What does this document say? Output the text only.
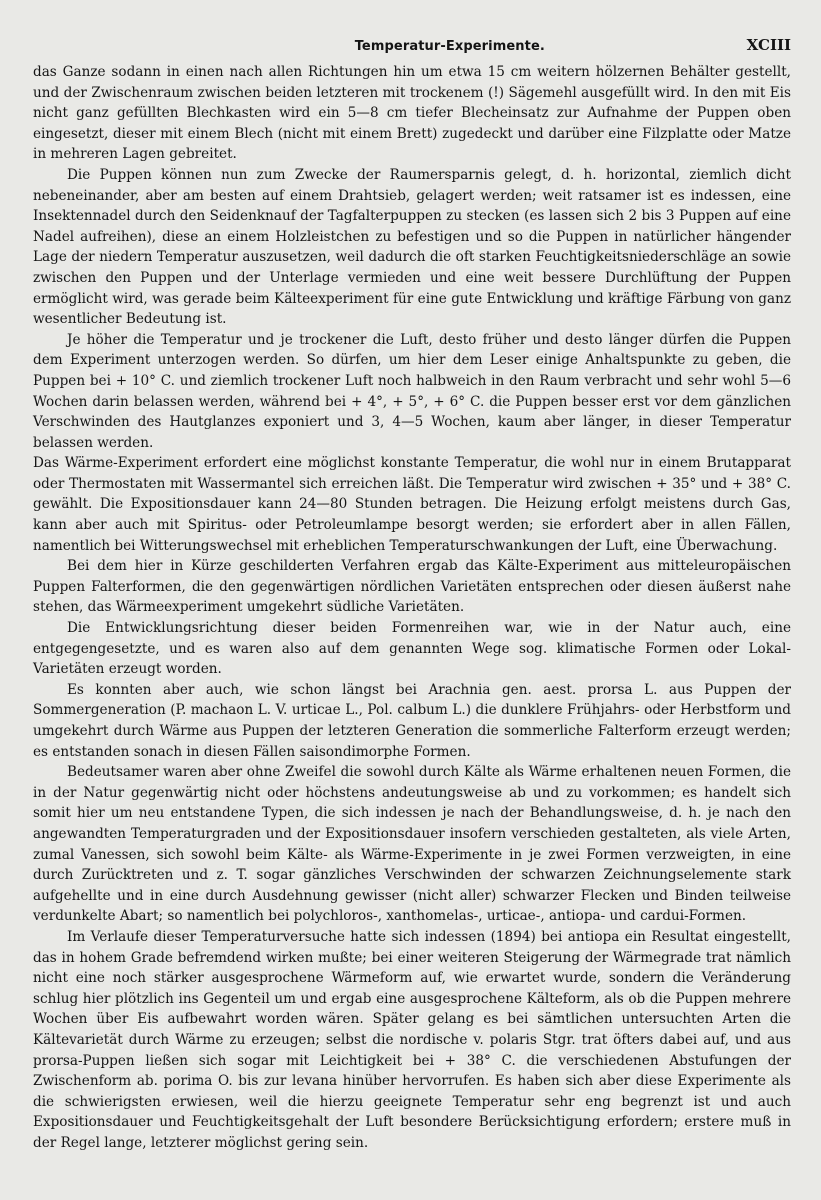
Temperatur-Experimente.	XCIII

das Ganze sodann in einen nach allen Richtungen hin um etwa 15 cm weitern hölzernen Behälter gestellt, und der Zwischenraum zwischen beiden letzteren mit trockenem (!) Sägemehl ausgefüllt wird. In den mit Eis nicht ganz gefüllten Blechkasten wird ein 5—8 cm tiefer Blecheinsatz zur Aufnahme der Puppen oben eingesetzt, dieser mit einem Blech (nicht mit einem Brett) zugedeckt und darüber eine Filzplatte oder Matze in mehreren Lagen gebreitet.

Die Puppen können nun zum Zwecke der Raumersparnis gelegt, d. h. horizontal, ziemlich dicht nebeneinander, aber am besten auf einem Drahtsieb, gelagert werden; weit ratsamer ist es indessen, eine Insektennadel durch den Seidenknauf der Tagfalterpuppen zu stecken (es lassen sich 2 bis 3 Puppen auf eine Nadel aufreihen), diese an einem Holzleistchen zu befestigen und so die Puppen in natürlicher hängender Lage der niedern Temperatur auszusetzen, weil dadurch die oft starken Feuchtigkeitsniederschläge an sowie zwischen den Puppen und der Unterlage vermieden und eine weit bessere Durchlüftung der Puppen ermöglicht wird, was gerade beim Kälteexperiment für eine gute Entwicklung und kräftige Färbung von ganz wesentlicher Bedeutung ist.

Je höher die Temperatur und je trockener die Luft, desto früher und desto länger dürfen die Puppen dem Experiment unterzogen werden. So dürfen, um hier dem Leser einige Anhaltspunkte zu geben, die Puppen bei + 10° C. und ziemlich trockener Luft noch halbweich in den Raum verbracht und sehr wohl 5—6 Wochen darin belassen werden, während bei + 4°, + 5°, + 6° C. die Puppen besser erst vor dem gänzlichen Verschwinden des Hautglanzes exponiert und 3, 4—5 Wochen, kaum aber länger, in dieser Temperatur belassen werden.

Das Wärme-Experiment erfordert eine möglichst konstante Temperatur, die wohl nur in einem Brutapparat oder Thermostaten mit Wassermantel sich erreichen läßt. Die Temperatur wird zwischen + 35° und + 38° C. gewählt. Die Expositionsdauer kann 24—80 Stunden betragen. Die Heizung erfolgt meistens durch Gas, kann aber auch mit Spiritus- oder Petroleumlampe besorgt werden; sie erfordert aber in allen Fällen, namentlich bei Witterungswechsel mit erheblichen Temperaturschwankungen der Luft, eine Überwachung.

Bei dem hier in Kürze geschilderten Verfahren ergab das Kälte-Experiment aus mitteleuropäischen Puppen Falterformen, die den gegenwärtigen nördlichen Varietäten entsprechen oder diesen äußerst nahe stehen, das Wärmeexperiment umgekehrt südliche Varietäten.

Die Entwicklungsrichtung dieser beiden Formenreihen war, wie in der Natur auch, eine entgegengesetzte, und es waren also auf dem genannten Wege sog. klimatische Formen oder Lokal-Varietäten erzeugt worden.

Es konnten aber auch, wie schon längst bei Arachnia gen. aest. prorsa L. aus Puppen der Sommergeneration (P. machaon L. V. urticae L., Pol. calbum L.) die dunklere Frühjahrs- oder Herbstform und umgekehrt durch Wärme aus Puppen der letzteren Generation die sommerliche Falterform erzeugt werden; es entstanden sonach in diesen Fällen saisondimorphe Formen.

Bedeutsamer waren aber ohne Zweifel die sowohl durch Kälte als Wärme erhaltenen neuen Formen, die in der Natur gegenwärtig nicht oder höchstens andeutungsweise ab und zu vorkommen; es handelt sich somit hier um neu entstandene Typen, die sich indessen je nach der Behandlungsweise, d. h. je nach den angewandten Temperaturgraden und der Expositionsdauer insofern verschieden gestalteten, als viele Arten, zumal Vanessen, sich sowohl beim Kälte- als Wärme-Experimente in je zwei Formen verzweigten, in eine durch Zurücktreten und z. T. sogar gänzliches Verschwinden der schwarzen Zeichnungselemente stark aufgehellte und in eine durch Ausdehnung gewisser (nicht aller) schwarzer Flecken und Binden teilweise verdunkelte Abart; so namentlich bei polychloros-, xanthomelas-, urticae-, antiopa- und cardui-Formen.

Im Verlaufe dieser Temperaturversuche hatte sich indessen (1894) bei antiopa ein Resultat eingestellt, das in hohem Grade befremdend wirken mußte; bei einer weiteren Steigerung der Wärmegrade trat nämlich nicht eine noch stärker ausgesprochene Wärmeform auf, wie erwartet wurde, sondern die Veränderung schlug hier plötzlich ins Gegenteil um und ergab eine ausgesprochene Kälteform, als ob die Puppen mehrere Wochen über Eis aufbewahrt worden wären. Später gelang es bei sämtlichen untersuchten Arten die Kältevarietät durch Wärme zu erzeugen; selbst die nordische v. polaris Stgr. trat öfters dabei auf, und aus prorsa-Puppen ließen sich sogar mit Leichtigkeit bei + 38° C. die verschiedenen Abstufungen der Zwischenform ab. porima O. bis zur levana hinüber hervorrufen. Es haben sich aber diese Experimente als die schwierigsten erwiesen, weil die hierzu geeignete Temperatur sehr eng begrenzt ist und auch Expositionsdauer und Feuchtigkeitsgehalt der Luft besondere Berücksichtigung erfordern; erstere muß in der Regel lange, letzterer möglichst gering sein.
